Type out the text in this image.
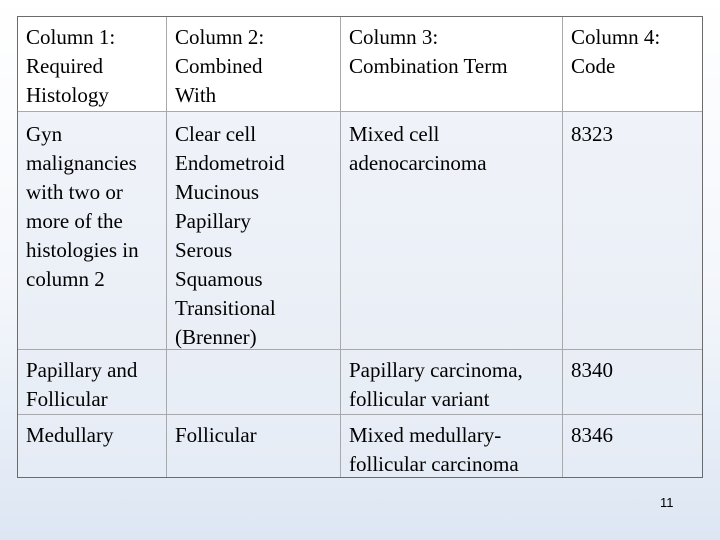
Column 1:
Required
Histology
Column 2:
Combined
With
Column 3:
Combination Term
Column 4:
Code
Gyn
malignancies
with two or
more of the
histologies in
column 2
Clear cell
Endometroid
Mucinous
Papillary
Serous
Squamous
Transitional
(Brenner)
Mixed cell
adenocarcinoma
8323
Papillary and
Follicular
Papillary carcinoma,
follicular variant
8340
Medullary	Follicular	Mixed medullary-
follicular carcinoma
8346
11
